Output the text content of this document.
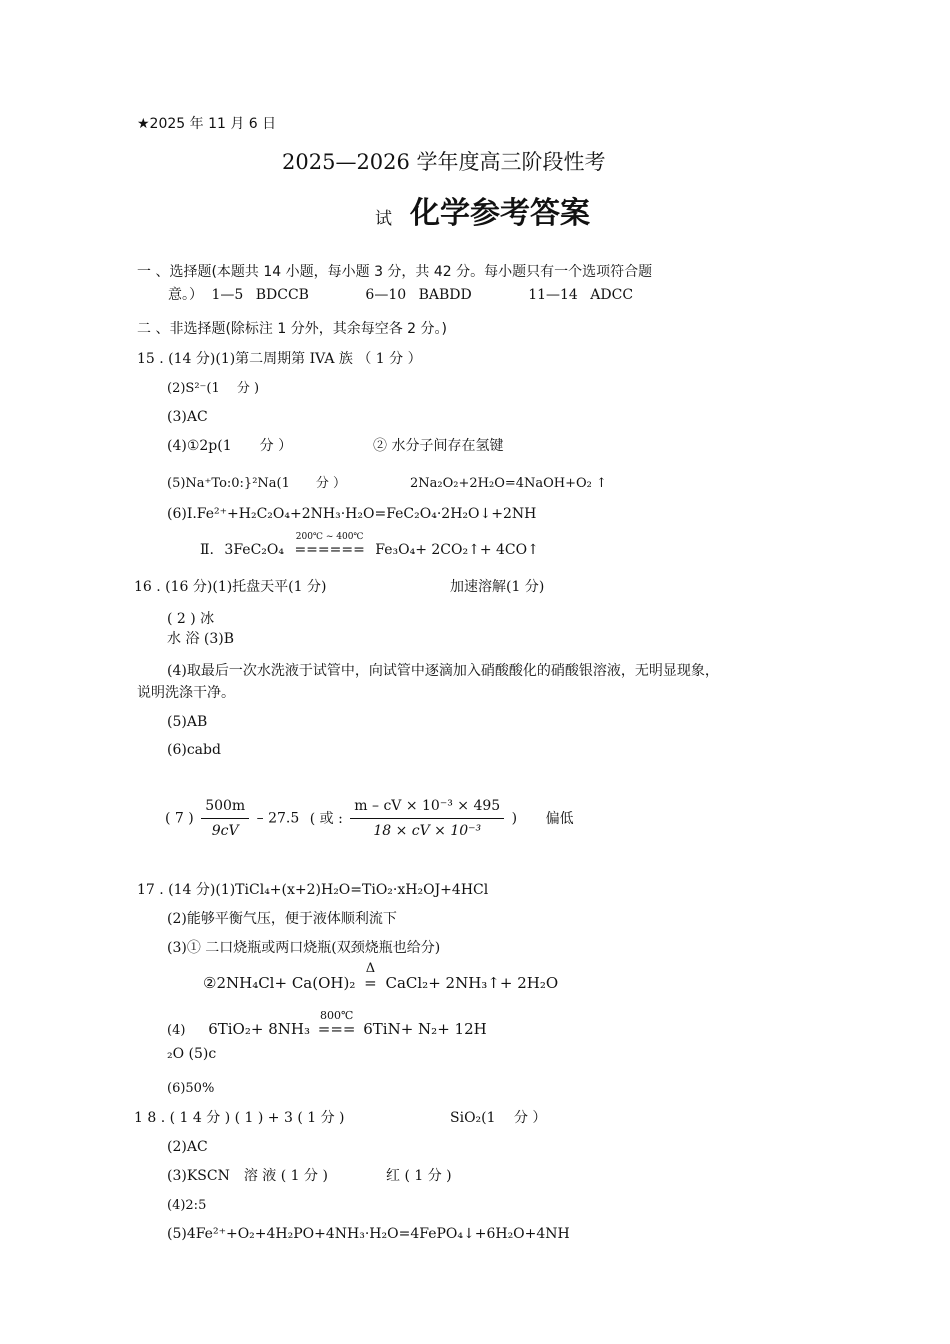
★2025 年 11 月 6 日
2025—2026 学年度高三阶段性考
试 化学参考答案
一 、选择题(本题共 14 小题，每小题 3 分，共 42 分。每小题只有一个选项符合题
意。） 1—5 BDCCB	6—10 BABDD	11—14 ADCC
二 、非选择题(除标注 1 分外，其余每空各 2 分。)
15 . (14 分)(1)第二周期第 IVA 族 （ 1 分 ）
(2)S²⁻(1　 分 )
(3)AC
(4)①2p(1　　分 ）	② 水分子间存在氢键
(5)Na⁺To:0:}²Na(1　　分 ）	2Na₂O₂+2H₂O=4NaOH+O₂ ↑
(6)I.Fe²⁺+H₂C₂O₄+2NH₃·H₂O=FeC₂O₄·2H₂O↓+2NH
Ⅱ. 3FeC₂O₄
200℃ ~ 400℃
====== Fe₃O₄+ 2CO₂↑+ 4CO↑
16 . (16 分)(1)托盘天平(1 分)	加速溶解(1 分)
( 2 ) 冰
水 浴 (3)B
(4)取最后一次水洗液于试管中，向试管中逐滴加入硝酸酸化的硝酸银溶液，无明显现象，
说明洗涤干净。
(5)AB
(6)cabd
( 7 ) $\frac{500m}{9cV} - 27.5$ ( 或 : $\frac{\text{m – cV × 10⁻³ × 495}}{\text{18 × cV × 10⁻³}}$ ) 偏低
17 . (14 分)(1)TiCl₄+(x+2)H₂O=TiO₂·xH₂OJ+4HCl
(2)能够平衡气压，便于液体顺利流下
(3)① 二口烧瓶或两口烧瓶(双颈烧瓶也给分)
②2NH₄Cl+ Ca(OH)₂
Δ
= CaCl₂+ 2NH₃↑+ 2H₂O
(4) 6TiO₂+ 8NH₃
800℃
=== 6TiN+ N₂+ 12H
₂O (5)c
(6)50%
1 8 . ( 1 4 分 ) ( 1 ) + 3 ( 1 分 )	SiO₂(1　 分 ）
(2)AC
(3)KSCN　溶 液 ( 1 分 )	红 ( 1 分 )
(4)2:5
(5)4Fe²⁺+O₂+4H₂PO+4NH₃·H₂O=4FePO₄↓+6H₂O+4NH
